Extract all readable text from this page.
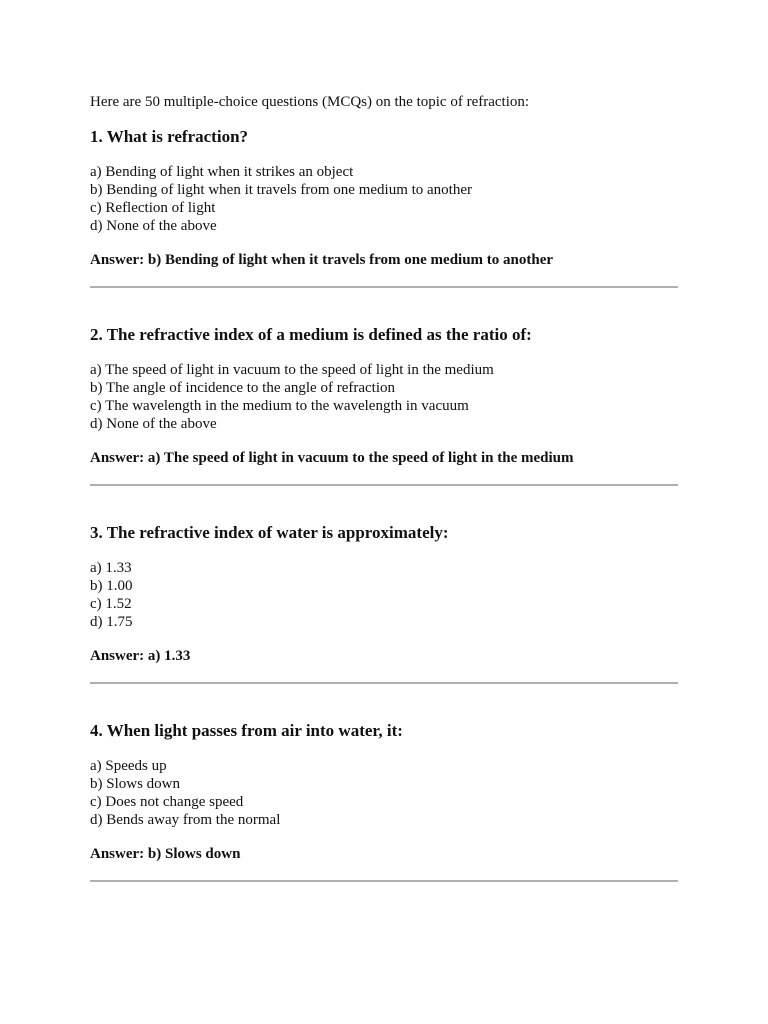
Here are 50 multiple-choice questions (MCQs) on the topic of refraction:

1. What is refraction?
a) Bending of light when it strikes an object
b) Bending of light when it travels from one medium to another
c) Reflection of light
d) None of the above

Answer: b) Bending of light when it travels from one medium to another

2. The refractive index of a medium is defined as the ratio of:
a) The speed of light in vacuum to the speed of light in the medium
b) The angle of incidence to the angle of refraction
c) The wavelength in the medium to the wavelength in vacuum
d) None of the above

Answer: a) The speed of light in vacuum to the speed of light in the medium

3. The refractive index of water is approximately:
a) 1.33
b) 1.00
c) 1.52
d) 1.75

Answer: a) 1.33

4. When light passes from air into water, it:
a) Speeds up
b) Slows down
c) Does not change speed
d) Bends away from the normal

Answer: b) Slows down
